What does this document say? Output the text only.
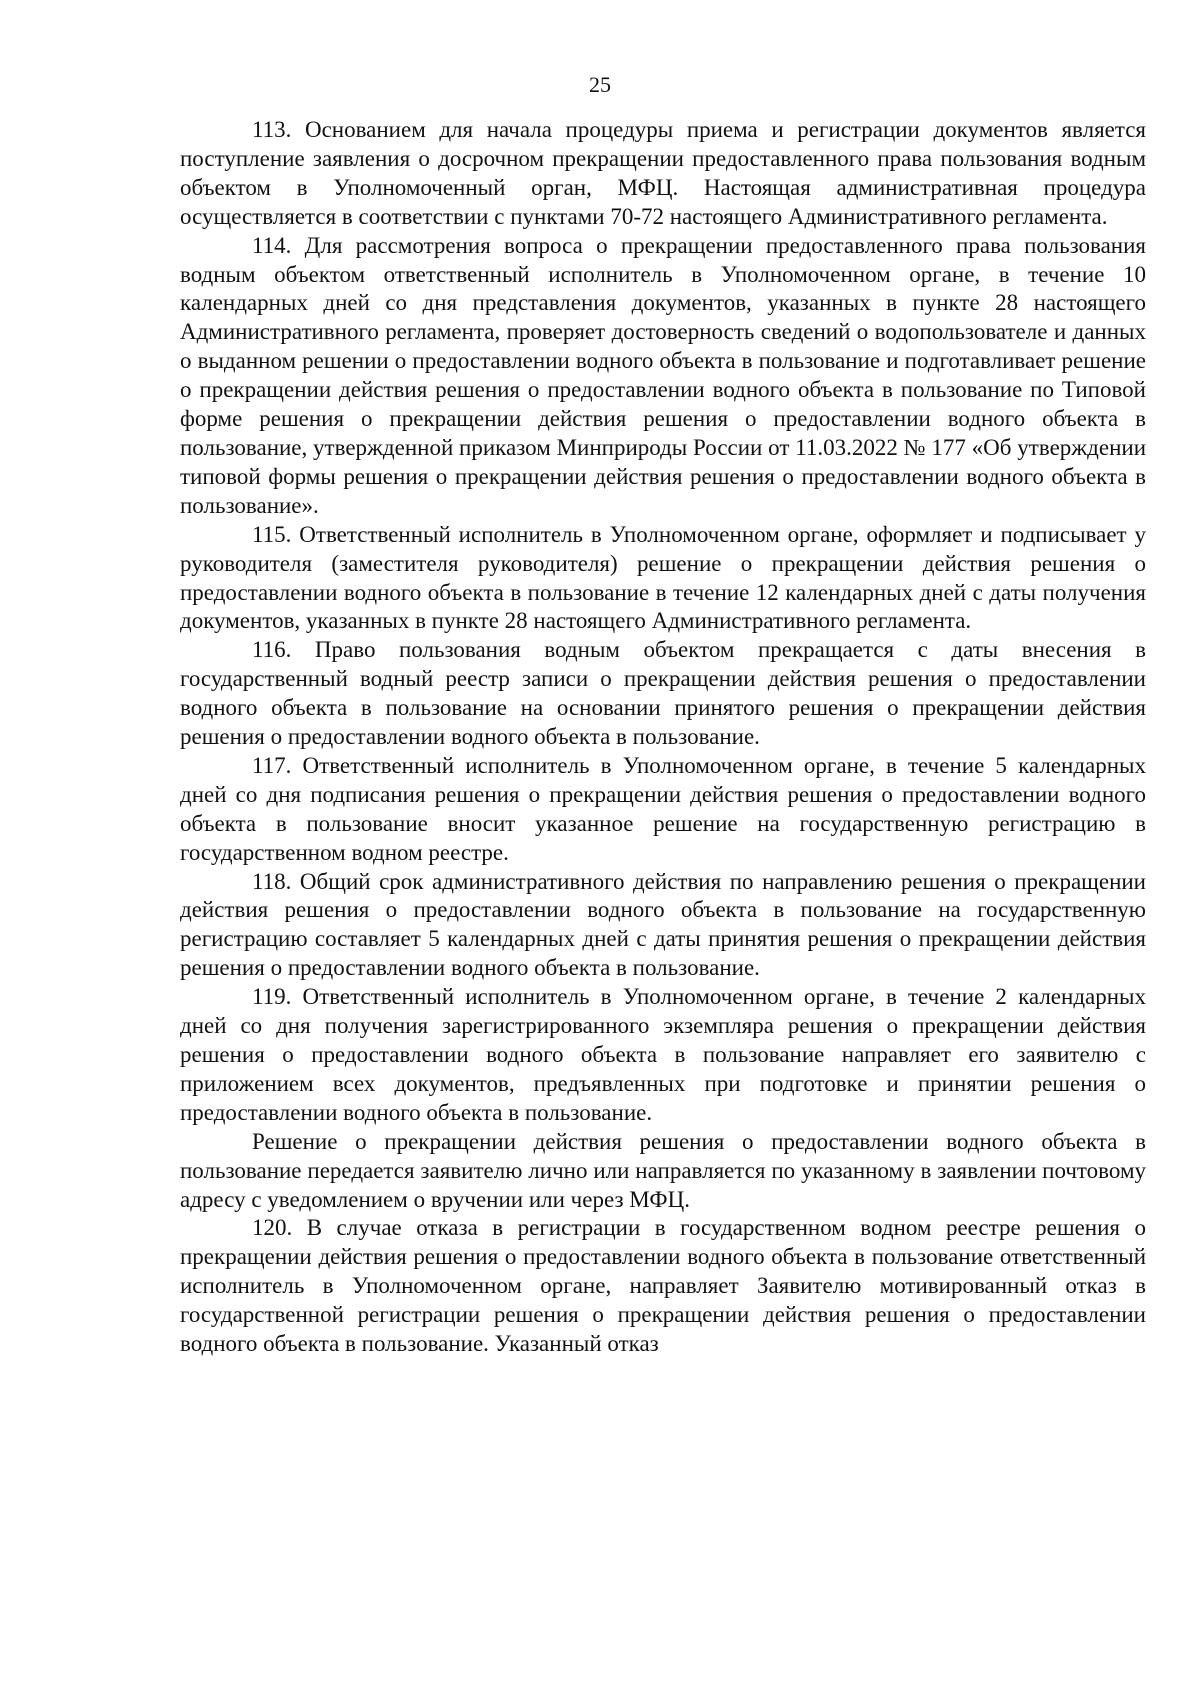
25

113. Основанием для начала процедуры приема и регистрации документов является поступление заявления о досрочном прекращении предоставленного права пользования водным объектом в Уполномоченный орган, МФЦ. Настоящая административная процедура осуществляется в соответствии с пунктами 70-72 настоящего Административного регламента.

114. Для рассмотрения вопроса о прекращении предоставленного права пользования водным объектом ответственный исполнитель в Уполномоченном органе, в течение 10 календарных дней со дня представления документов, указанных в пункте 28 настоящего Административного регламента, проверяет достоверность сведений о водопользователе и данных о выданном решении о предоставлении водного объекта в пользование и подготавливает решение о прекращении действия решения о предоставлении водного объекта в пользование по Типовой форме решения о прекращении действия решения о предоставлении водного объекта в пользование, утвержденной приказом Минприроды России от 11.03.2022 № 177 «Об утверждении типовой формы решения о прекращении действия решения о предоставлении водного объекта в пользование».

115. Ответственный исполнитель в Уполномоченном органе, оформляет и подписывает у руководителя (заместителя руководителя) решение о прекращении действия решения о предоставлении водного объекта в пользование в течение 12 календарных дней с даты получения документов, указанных в пункте 28 настоящего Административного регламента.

116. Право пользования водным объектом прекращается с даты внесения в государственный водный реестр записи о прекращении действия решения о предоставлении водного объекта в пользование на основании принятого решения о прекращении действия решения о предоставлении водного объекта в пользование.

117. Ответственный исполнитель в Уполномоченном органе, в течение 5 календарных дней со дня подписания решения о прекращении действия решения о предоставлении водного объекта в пользование вносит указанное решение на государственную регистрацию в государственном водном реестре.

118. Общий срок административного действия по направлению решения о прекращении действия решения о предоставлении водного объекта в пользование на государственную регистрацию составляет 5 календарных дней с даты принятия решения о прекращении действия решения о предоставлении водного объекта в пользование.

119. Ответственный исполнитель в Уполномоченном органе, в течение 2 календарных дней со дня получения зарегистрированного экземпляра решения о прекращении действия решения о предоставлении водного объекта в пользование направляет его заявителю с приложением всех документов, предъявленных при подготовке и принятии решения о предоставлении водного объекта в пользование.

Решение о прекращении действия решения о предоставлении водного объекта в пользование передается заявителю лично или направляется по указанному в заявлении почтовому адресу с уведомлением о вручении или через МФЦ.

120. В случае отказа в регистрации в государственном водном реестре решения о прекращении действия решения о предоставлении водного объекта в пользование ответственный исполнитель в Уполномоченном органе, направляет Заявителю мотивированный отказ в государственной регистрации решения о прекращении действия решения о предоставлении водного объекта в пользование. Указанный отказ
